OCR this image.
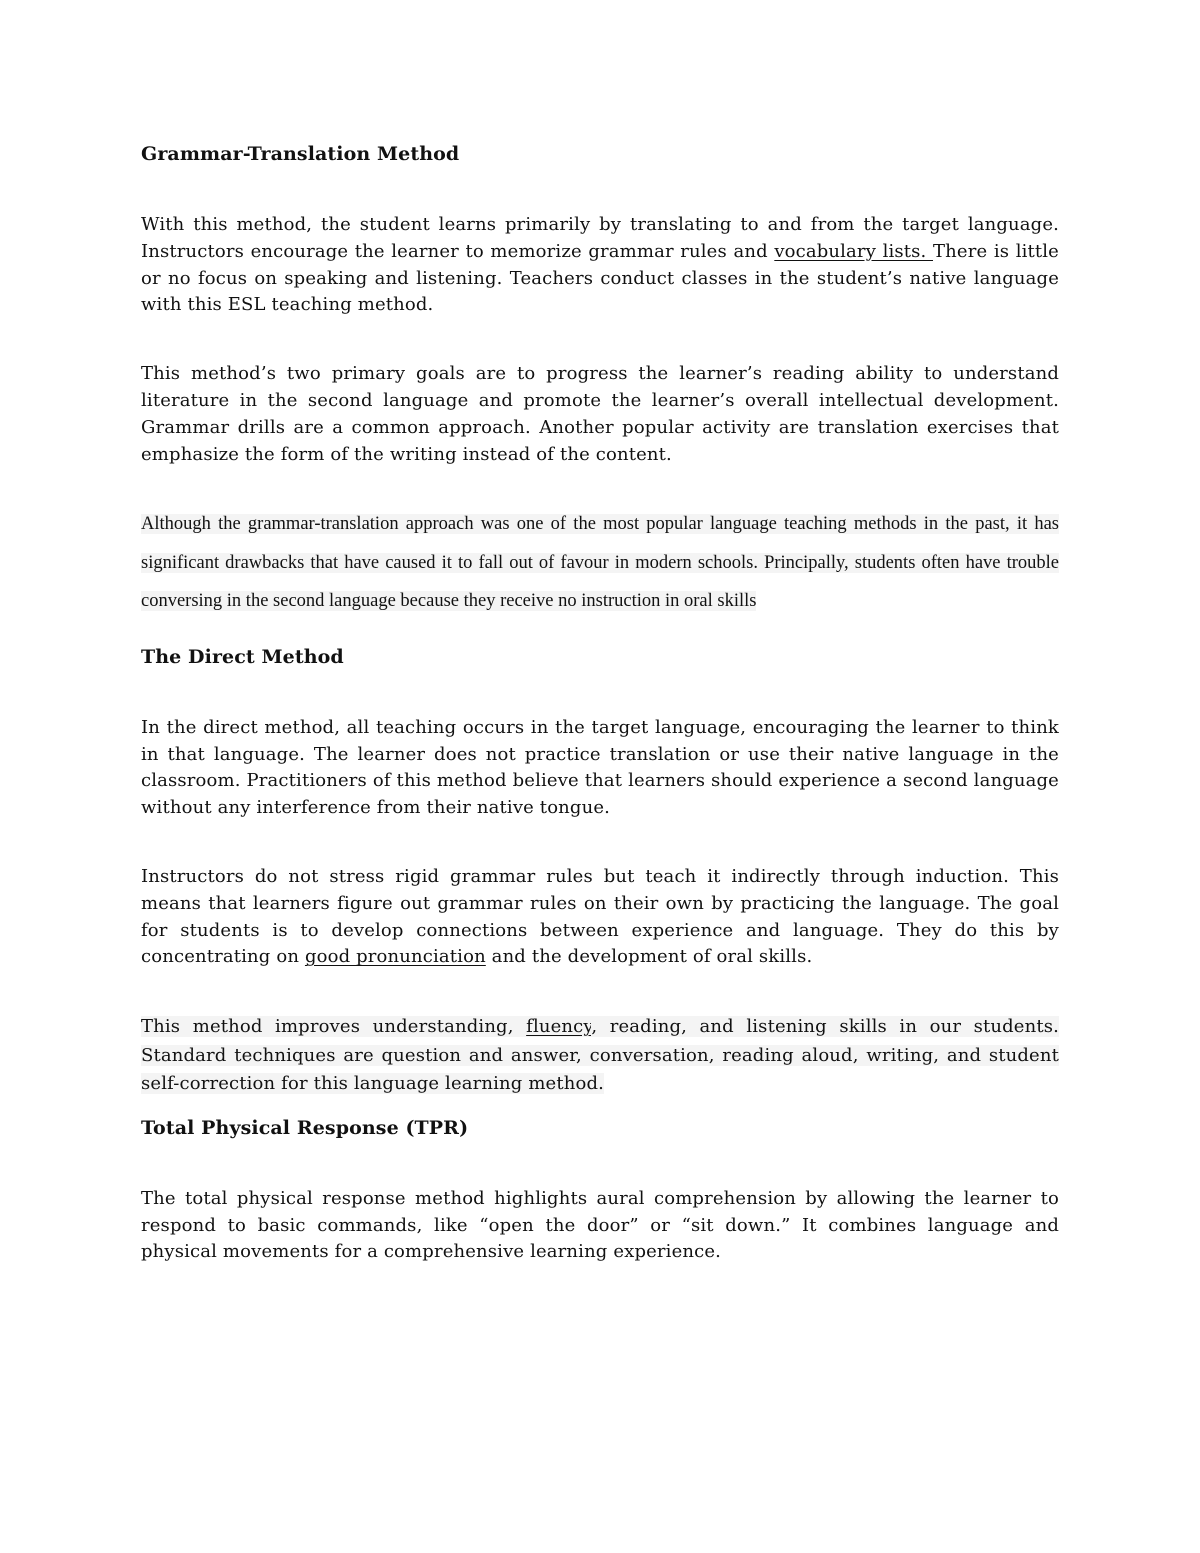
Grammar-Translation Method

With this method, the student learns primarily by translating to and from the target language. Instructors encourage the learner to memorize grammar rules and vocabulary lists. There is little or no focus on speaking and listening. Teachers conduct classes in the student’s native language with this ESL teaching method.

This method’s two primary goals are to progress the learner’s reading ability to understand literature in the second language and promote the learner’s overall intellectual development. Grammar drills are a common approach. Another popular activity are translation exercises that emphasize the form of the writing instead of the content.

Although the grammar-translation approach was one of the most popular language teaching methods in the past, it has significant drawbacks that have caused it to fall out of favour in modern schools. Principally, students often have trouble conversing in the second language because they receive no instruction in oral skills

The Direct Method

In the direct method, all teaching occurs in the target language, encouraging the learner to think in that language. The learner does not practice translation or use their native language in the classroom. Practitioners of this method believe that learners should experience a second language without any interference from their native tongue.

Instructors do not stress rigid grammar rules but teach it indirectly through induction. This means that learners figure out grammar rules on their own by practicing the language. The goal for students is to develop connections between experience and language. They do this by concentrating on good pronunciation and the development of oral skills.

This method improves understanding, fluency, reading, and listening skills in our students. Standard techniques are question and answer, conversation, reading aloud, writing, and student self-correction for this language learning method.

Total Physical Response (TPR)

The total physical response method highlights aural comprehension by allowing the learner to respond to basic commands, like “open the door” or “sit down.” It combines language and physical movements for a comprehensive learning experience.
